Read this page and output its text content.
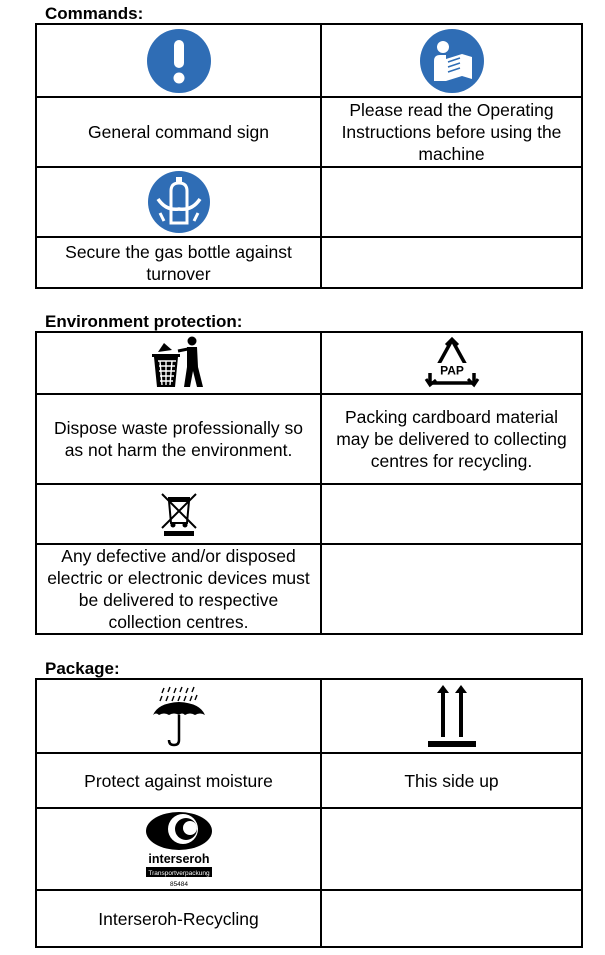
Commands:

General command sign	Please read the Operating Instructions before using the machine

Secure the gas bottle against turnover	

Environment protection:

PAP

Dispose waste professionally so as not harm the environment.	Packing cardboard material may be delivered to collecting centres for recycling.

Any defective and/or disposed electric or electronic devices must be delivered to respective collection centres.	

Package:

Protect against moisture	This side up

interseroh
Transportverpackung
85484	

Interseroh-Recycling	
